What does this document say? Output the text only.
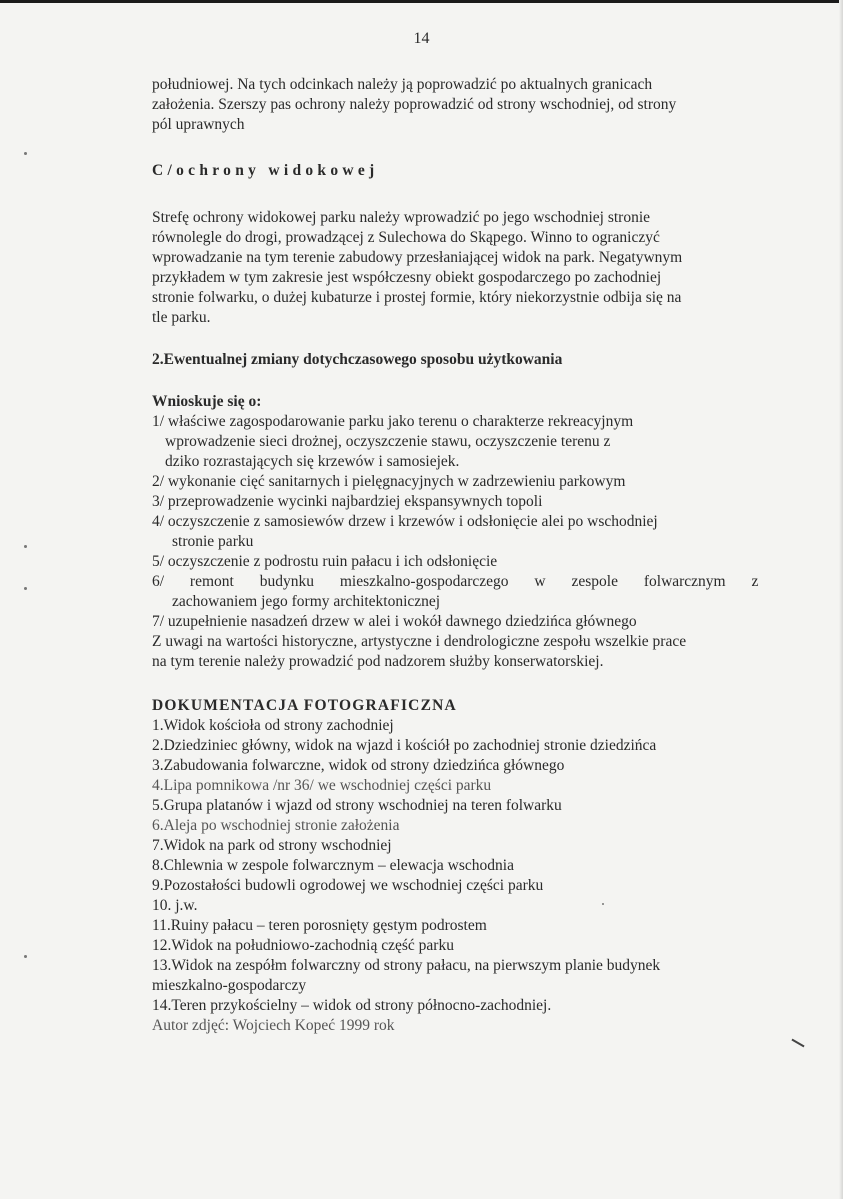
14
południowej. Na tych odcinkach należy ją poprowadzić po aktualnych granicach
założenia. Szerszy pas ochrony należy poprowadzić od strony wschodniej, od strony
pól uprawnych
C/ochrony widokowej
Strefę ochrony widokowej parku należy wprowadzić po jego wschodniej stronie
równolegle do drogi, prowadzącej z Sulechowa do Skąpego. Winno to ograniczyć
wprowadzanie na tym terenie zabudowy przesłaniającej widok na park. Negatywnym
przykładem w tym zakresie jest współczesny obiekt gospodarczego po zachodniej
stronie folwarku, o dużej kubaturze i prostej formie, który niekorzystnie odbija się na
tle parku.
2.Ewentualnej zmiany dotychczasowego sposobu użytkowania
Wnioskuje się o:
1/ właściwe zagospodarowanie parku jako terenu o charakterze rekreacyjnym
wprowadzenie sieci drożnej, oczyszczenie stawu, oczyszczenie terenu z
dziko rozrastających się krzewów i samosiejek.
2/ wykonanie cięć sanitarnych i pielęgnacyjnych w zadrzewieniu parkowym
3/ przeprowadzenie wycinki najbardziej ekspansywnych topoli
4/ oczyszczenie z samosiewów drzew i krzewów i odsłonięcie alei po wschodniej
stronie parku
5/ oczyszczenie z podrostu ruin pałacu i ich odsłonięcie
6/ remont budynku mieszkalno-gospodarczego w zespole folwarcznym z
zachowaniem jego formy architektonicznej
7/ uzupełnienie nasadzeń drzew w alei i wokół dawnego dziedzińca głównego
Z uwagi na wartości historyczne, artystyczne i dendrologiczne zespołu wszelkie prace
na tym terenie należy prowadzić pod nadzorem służby konserwatorskiej.
DOKUMENTACJA FOTOGRAFICZNA
1.Widok kościoła od strony zachodniej
2.Dziedziniec główny, widok na wjazd i kościół po zachodniej stronie dziedzińca
3.Zabudowania folwarczne, widok od strony dziedzińca głównego
4.Lipa pomnikowa /nr 36/ we wschodniej części parku
5.Grupa platanów i wjazd od strony wschodniej na teren folwarku
6.Aleja po wschodniej stronie założenia
7.Widok na park od strony wschodniej
8.Chlewnia w zespole folwarcznym – elewacja wschodnia
9.Pozostałości budowli ogrodowej we wschodniej części parku
10. j.w.
11.Ruiny pałacu – teren porosnięty gęstym podrostem
12.Widok na południowo-zachodnią część parku
13.Widok na zespółm folwarczny od strony pałacu, na pierwszym planie budynek
mieszkalno-gospodarczy
14.Teren przykościelny – widok od strony północno-zachodniej.
Autor zdjęć: Wojciech Kopeć 1999 rok
